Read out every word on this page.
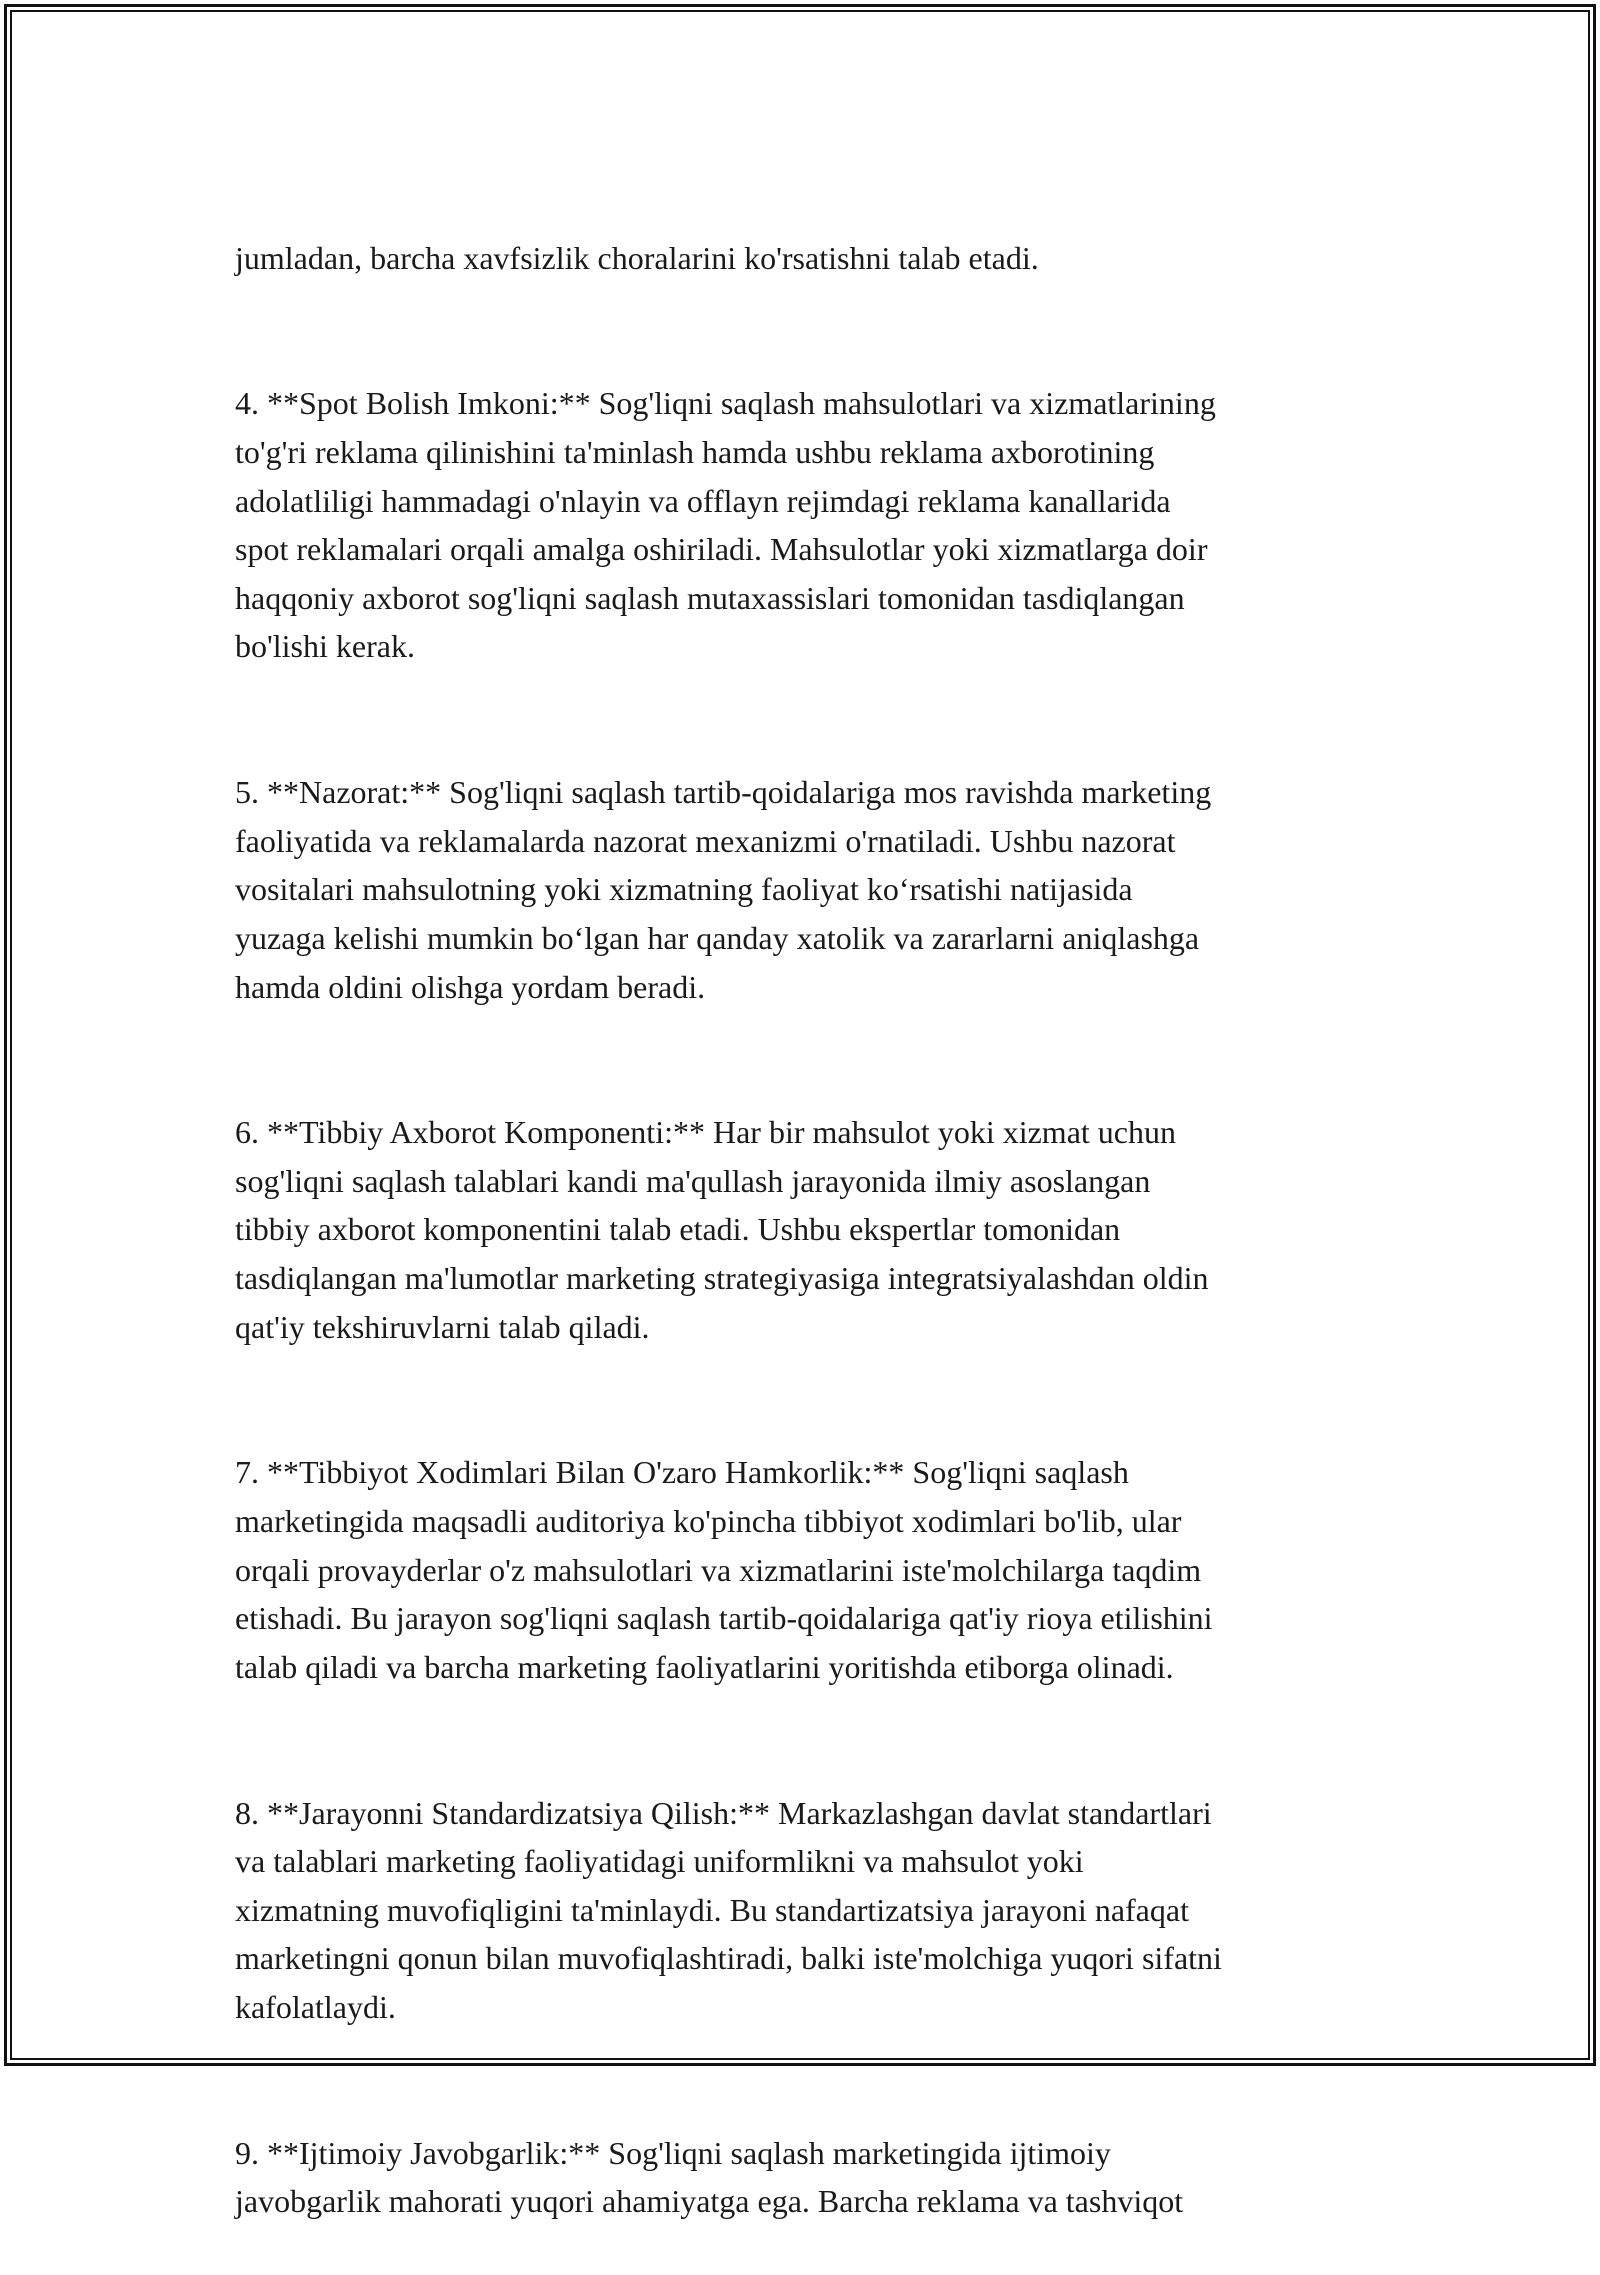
jumladan, barcha xavfsizlik choralarini ko'rsatishni talab etadi.

4. **Spot Bolish Imkoni:** Sog'liqni saqlash mahsulotlari va xizmatlarining
to'g'ri reklama qilinishini ta'minlash hamda ushbu reklama axborotining
adolatliligi hammadagi o'nlayin va offlayn rejimdagi reklama kanallarida
spot reklamalari orqali amalga oshiriladi. Mahsulotlar yoki xizmatlarga doir
haqqoniy axborot sog'liqni saqlash mutaxassislari tomonidan tasdiqlangan
bo'lishi kerak.

5. **Nazorat:** Sog'liqni saqlash tartib-qoidalariga mos ravishda marketing
faoliyatida va reklamalarda nazorat mexanizmi o'rnatiladi. Ushbu nazorat
vositalari mahsulotning yoki xizmatning faoliyat koʻrsatishi natijasida
yuzaga kelishi mumkin boʻlgan har qanday xatolik va zararlarni aniqlashga
hamda oldini olishga yordam beradi.

6. **Tibbiy Axborot Komponenti:** Har bir mahsulot yoki xizmat uchun
sog'liqni saqlash talablari kandi ma'qullash jarayonida ilmiy asoslangan
tibbiy axborot komponentini talab etadi. Ushbu ekspertlar tomonidan
tasdiqlangan ma'lumotlar marketing strategiyasiga integratsiyalashdan oldin
qat'iy tekshiruvlarni talab qiladi.

7. **Tibbiyot Xodimlari Bilan O'zaro Hamkorlik:** Sog'liqni saqlash
marketingida maqsadli auditoriya ko'pincha tibbiyot xodimlari bo'lib, ular
orqali provayderlar o'z mahsulotlari va xizmatlarini iste'molchilarga taqdim
etishadi. Bu jarayon sog'liqni saqlash tartib-qoidalariga qat'iy rioya etilishini
talab qiladi va barcha marketing faoliyatlarini yoritishda etiborga olinadi.

8. **Jarayonni Standardizatsiya Qilish:** Markazlashgan davlat standartlari
va talablari marketing faoliyatidagi uniformlikni va mahsulot yoki
xizmatning muvofiqligini ta'minlaydi. Bu standartizatsiya jarayoni nafaqat
marketingni qonun bilan muvofiqlashtiradi, balki iste'molchiga yuqori sifatni
kafolatlaydi.

9. **Ijtimoiy Javobgarlik:** Sog'liqni saqlash marketingida ijtimoiy
javobgarlik mahorati yuqori ahamiyatga ega. Barcha reklama va tashviqot
